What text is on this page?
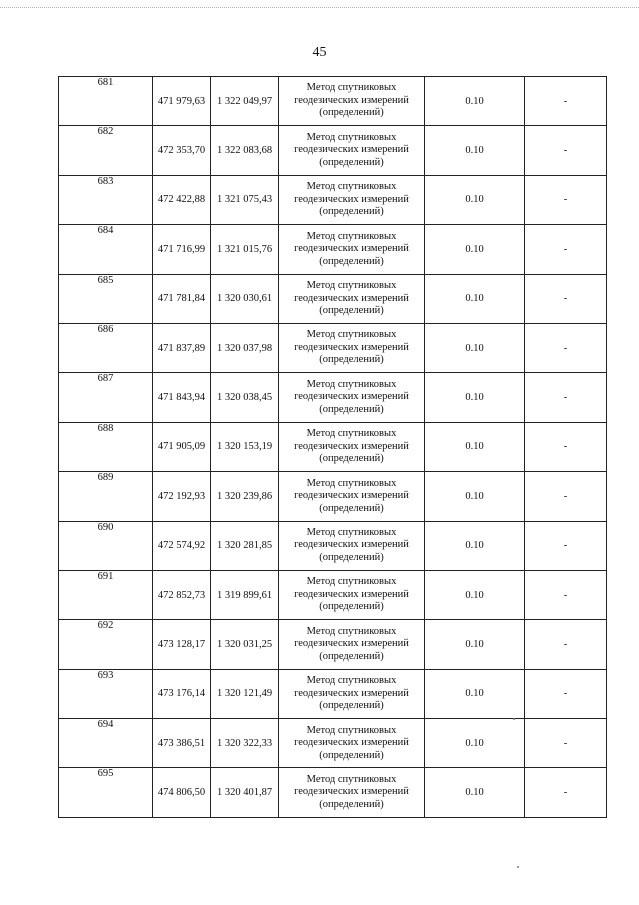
45
681	471 979,63	1 322 049,97	Метод спутниковых
геодезических измерений
(определений)	0.10	-
682	472 353,70	1 322 083,68	Метод спутниковых
геодезических измерений
(определений)	0.10	-
683	472 422,88	1 321 075,43	Метод спутниковых
геодезических измерений
(определений)	0.10	-
684	471 716,99	1 321 015,76	Метод спутниковых
геодезических измерений
(определений)	0.10	-
685	471 781,84	1 320 030,61	Метод спутниковых
геодезических измерений
(определений)	0.10	-
686	471 837,89	1 320 037,98	Метод спутниковых
геодезических измерений
(определений)	0.10	-
687	471 843,94	1 320 038,45	Метод спутниковых
геодезических измерений
(определений)	0.10	-
688	471 905,09	1 320 153,19	Метод спутниковых
геодезических измерений
(определений)	0.10	-
689	472 192,93	1 320 239,86	Метод спутниковых
геодезических измерений
(определений)	0.10	-
690	472 574,92	1 320 281,85	Метод спутниковых
геодезических измерений
(определений)	0.10	-
691	472 852,73	1 319 899,61	Метод спутниковых
геодезических измерений
(определений)	0.10	-
692	473 128,17	1 320 031,25	Метод спутниковых
геодезических измерений
(определений)	0.10	-
693	473 176,14	1 320 121,49	Метод спутниковых
геодезических измерений
(определений)	0.10	-
694	473 386,51	1 320 322,33	Метод спутниковых
геодезических измерений
(определений)	0.10	-
695	474 806,50	1 320 401,87	Метод спутниковых
геодезических измерений
(определений)	0.10	-
